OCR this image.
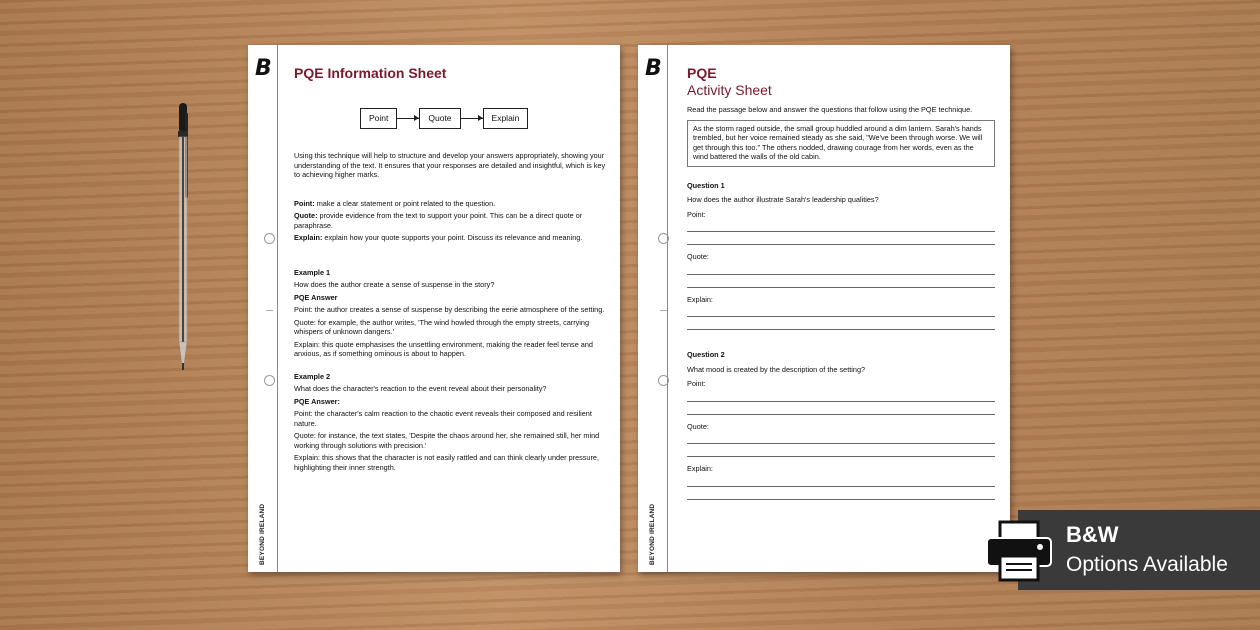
B
BEYOND IRELAND
PQE Information Sheet
Point	Quote	Explain

Using this technique will help to structure and develop your answers appropriately, showing your understanding of the text. It ensures that your responses are detailed and insightful, which is key to achieving higher marks.

Point: make a clear statement or point related to the question.

Quote: provide evidence from the text to support your point. This can be a direct quote or paraphrase.

Explain: explain how your quote supports your point. Discuss its relevance and meaning.

Example 1

How does the author create a sense of suspense in the story?

PQE Answer

Point: the author creates a sense of suspense by describing the eerie atmosphere of the setting.

Quote: for example, the author writes, 'The wind howled through the empty streets, carrying whispers of unknown dangers.'

Explain: this quote emphasises the unsettling environment, making the reader feel tense and anxious, as if something ominous is about to happen.

Example 2

What does the character's reaction to the event reveal about their personality?

PQE Answer:

Point: the character's calm reaction to the chaotic event reveals their composed and resilient nature.

Quote: for instance, the text states, 'Despite the chaos around her, she remained still, her mind working through solutions with precision.'

Explain: this shows that the character is not easily rattled and can think clearly under pressure, highlighting their inner strength.

B
BEYOND IRELAND
PQE
Activity Sheet

Read the passage below and answer the questions that follow using the PQE technique.

As the storm raged outside, the small group huddled around a dim lantern. Sarah's hands trembled, but her voice remained steady as she said, "We've been through worse. We will get through this too." The others nodded, drawing courage from her words, even as the wind battered the walls of the old cabin.

Question 1

How does the author illustrate Sarah's leadership qualities?

Point:

Quote:

Explain:

Question 2

What mood is created by the description of the setting?

Point:

Quote:

Explain:

B&W
Options Available
